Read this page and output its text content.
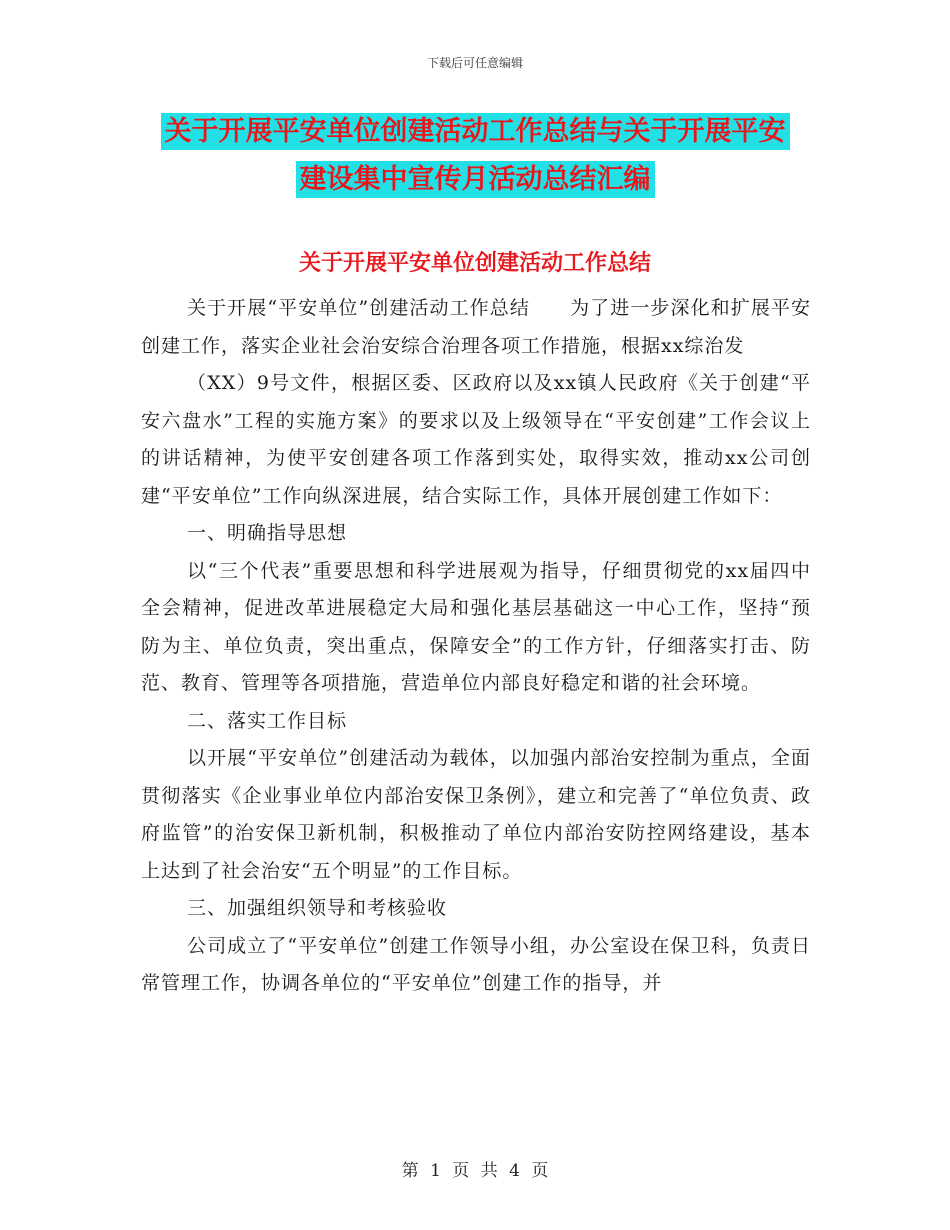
下载后可任意编辑
关于开展平安单位创建活动工作总结与关于开展平安
建设集中宣传月活动总结汇编
关于开展平安单位创建活动工作总结

关于开展“平安单位”创建活动工作总结　　为了进一步深化和扩展平安创建工作，落实企业社会治安综合治理各项工作措施，根据xx综治发

（XX）9号文件，根据区委、区政府以及xx镇人民政府《关于创建“平安六盘水”工程的实施方案》的要求以及上级领导在“平安创建”工作会议上的讲话精神，为使平安创建各项工作落到实处，取得实效，推动xx公司创建“平安单位”工作向纵深进展，结合实际工作，具体开展创建工作如下：

一、明确指导思想

以“三个代表”重要思想和科学进展观为指导，仔细贯彻党的xx届四中全会精神，促进改革进展稳定大局和强化基层基础这一中心工作，坚持“预防为主、单位负责，突出重点，保障安全”的工作方针，仔细落实打击、防范、教育、管理等各项措施，营造单位内部良好稳定和谐的社会环境。

二、落实工作目标

以开展“平安单位”创建活动为载体，以加强内部治安控制为重点，全面贯彻落实《企业事业单位内部治安保卫条例》，建立和完善了“单位负责、政府监管”的治安保卫新机制，积极推动了单位内部治安防控网络建设，基本上达到了社会治安“五个明显”的工作目标。

三、加强组织领导和考核验收

公司成立了“平安单位”创建工作领导小组，办公室设在保卫科，负责日常管理工作，协调各单位的“平安单位”创建工作的指导，并

第 1 页 共 4 页
